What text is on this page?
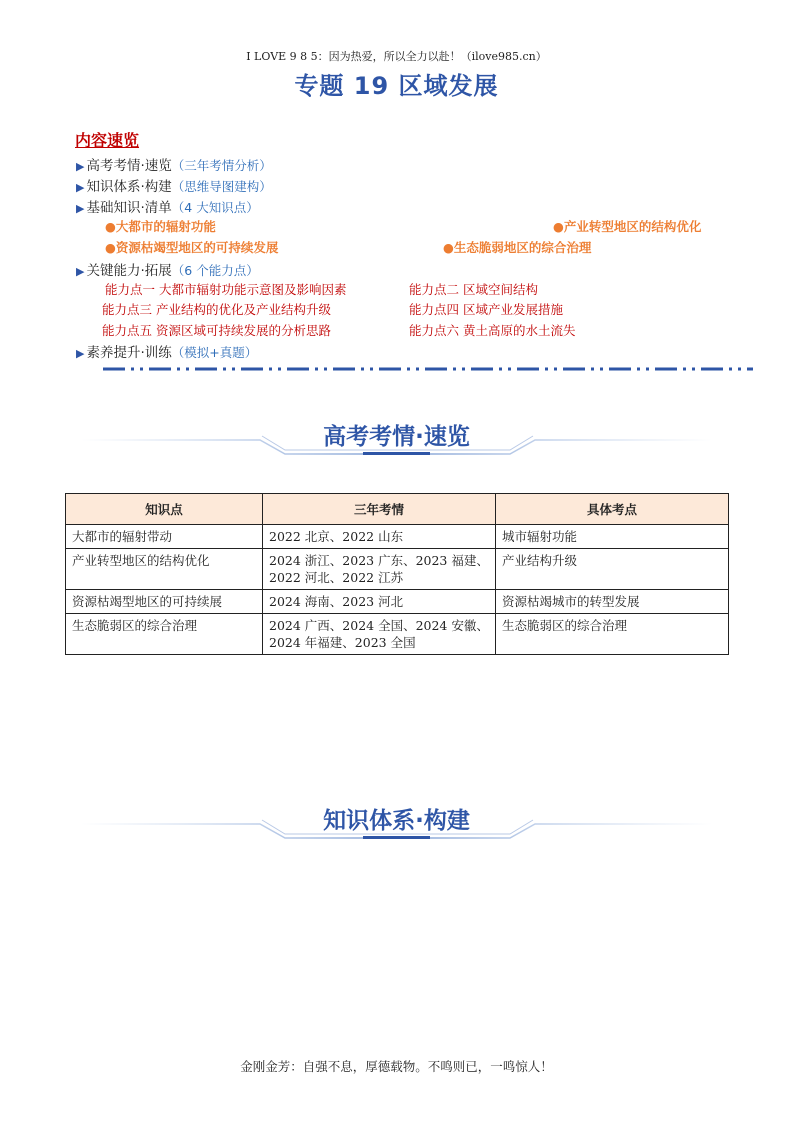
I LOVE 9 8 5：因为热爱，所以全力以赴！（ilove985.cn）
专题 19 区域发展
内容速览
▶ 高考考情·速览（三年考情分析）
▶ 知识体系·构建（思维导图建构）
▶ 基础知识·清单（4 大知识点）
●大都市的辐射功能	●产业转型地区的结构优化
●资源枯竭型地区的可持续发展	●生态脆弱地区的综合治理
▶ 关键能力·拓展（6 个能力点）
能力点一 大都市辐射功能示意图及影响因素	能力点二 区域空间结构
能力点三 产业结构的优化及产业结构升级	能力点四 区域产业发展措施
能力点五 资源区域可持续发展的分析思路	能力点六 黄土高原的水土流失
▶ 素养提升·训练（模拟+真题）
高考考情·速览
知识点	三年考情	具体考点
大都市的辐射带动	2022 北京、2022 山东	城市辐射功能
产业转型地区的结构优化	2024 浙江、2023 广东、2023 福建、2022 河北、2022 江苏	产业结构升级
资源枯竭型地区的可持续展	2024 海南、2023 河北	资源枯竭城市的转型发展
生态脆弱区的综合治理	2024 广西、2024 全国、2024 安徽、2024 年福建、2023 全国	生态脆弱区的综合治理
知识体系·构建
金刚金芳：自强不息，厚德载物。不鸣则已，一鸣惊人！
